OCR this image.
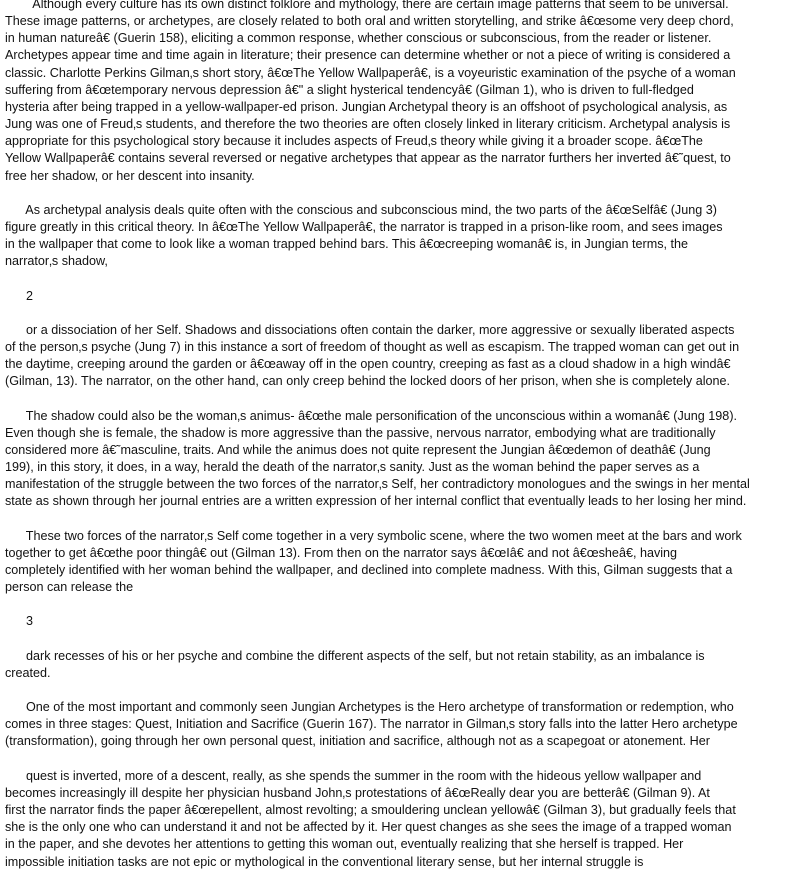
Although every culture has its own distinct folklore and mythology, there are certain image patterns that seem to be universal.
These image patterns, or archetypes, are closely related to both oral and written storytelling, and strike â€œsome very deep chord,
in human natureâ€ (Guerin 158), eliciting a common response, whether conscious or subconscious, from the reader or listener.
Archetypes appear time and time again in literature; their presence can determine whether or not a piece of writing is considered a
classic. Charlotte Perkins Gilman‚s short story, â€œThe Yellow Wallpaperâ€, is a voyeuristic examination of the psyche of a woman
suffering from â€œtemporary nervous depression â€" a slight hysterical tendencyâ€ (Gilman 1), who is driven to full-fledged
hysteria after being trapped in a yellow-wallpaper-ed prison. Jungian Archetypal theory is an offshoot of psychological analysis, as
Jung was one of Freud‚s students, and therefore the two theories are often closely linked in literary criticism. Archetypal analysis is
appropriate for this psychological story because it includes aspects of Freud‚s theory while giving it a broader scope. â€œThe
Yellow Wallpaperâ€ contains several reversed or negative archetypes that appear as the narrator furthers her inverted â€˜quest‚ to
free her shadow, or her descent into insanity.
As archetypal analysis deals quite often with the conscious and subconscious mind, the two parts of the â€œSelfâ€ (Jung 3)
figure greatly in this critical theory. In â€œThe Yellow Wallpaperâ€, the narrator is trapped in a prison-like room, and sees images
in the wallpaper that come to look like a woman trapped behind bars. This â€œcreeping womanâ€ is, in Jungian terms, the
narrator‚s shadow,
2
or a dissociation of her Self. Shadows and dissociations often contain the darker, more aggressive or sexually liberated aspects
of the person‚s psyche (Jung 7) in this instance a sort of freedom of thought as well as escapism. The trapped woman can get out in
the daytime, creeping around the garden or â€œaway off in the open country, creeping as fast as a cloud shadow in a high windâ€
(Gilman, 13). The narrator, on the other hand, can only creep behind the locked doors of her prison, when she is completely alone.
The shadow could also be the woman‚s animus- â€œthe male personification of the unconscious within a womanâ€ (Jung 198).
Even though she is female, the shadow is more aggressive than the passive, nervous narrator, embodying what are traditionally
considered more â€˜masculine‚ traits. And while the animus does not quite represent the Jungian â€œdemon of deathâ€ (Jung
199), in this story, it does, in a way, herald the death of the narrator‚s sanity. Just as the woman behind the paper serves as a
manifestation of the struggle between the two forces of the narrator‚s Self, her contradictory monologues and the swings in her mental
state as shown through her journal entries are a written expression of her internal conflict that eventually leads to her losing her mind.
These two forces of the narrator‚s Self come together in a very symbolic scene, where the two women meet at the bars and work
together to get â€œthe poor thingâ€ out (Gilman 13). From then on the narrator says â€œIâ€ and not â€œsheâ€, having
completely identified with her woman behind the wallpaper, and declined into complete madness. With this, Gilman suggests that a
person can release the
3
dark recesses of his or her psyche and combine the different aspects of the self, but not retain stability, as an imbalance is
created.
One of the most important and commonly seen Jungian Archetypes is the Hero archetype of transformation or redemption, who
comes in three stages: Quest, Initiation and Sacrifice (Guerin 167). The narrator in Gilman‚s story falls into the latter Hero archetype
(transformation), going through her own personal quest, initiation and sacrifice, although not as a scapegoat or atonement. Her
quest is inverted, more of a descent, really, as she spends the summer in the room with the hideous yellow wallpaper and
becomes increasingly ill despite her physician husband John‚s protestations of â€œReally dear you are betterâ€ (Gilman 9). At
first the narrator finds the paper â€œrepellent, almost revolting; a smouldering unclean yellowâ€ (Gilman 3), but gradually feels that
she is the only one who can understand it and not be affected by it. Her quest changes as she sees the image of a trapped woman
in the paper, and she devotes her attentions to getting this woman out, eventually realizing that she herself is trapped. Her
impossible initiation tasks are not epic or mythological in the conventional literary sense, but her internal struggle is
